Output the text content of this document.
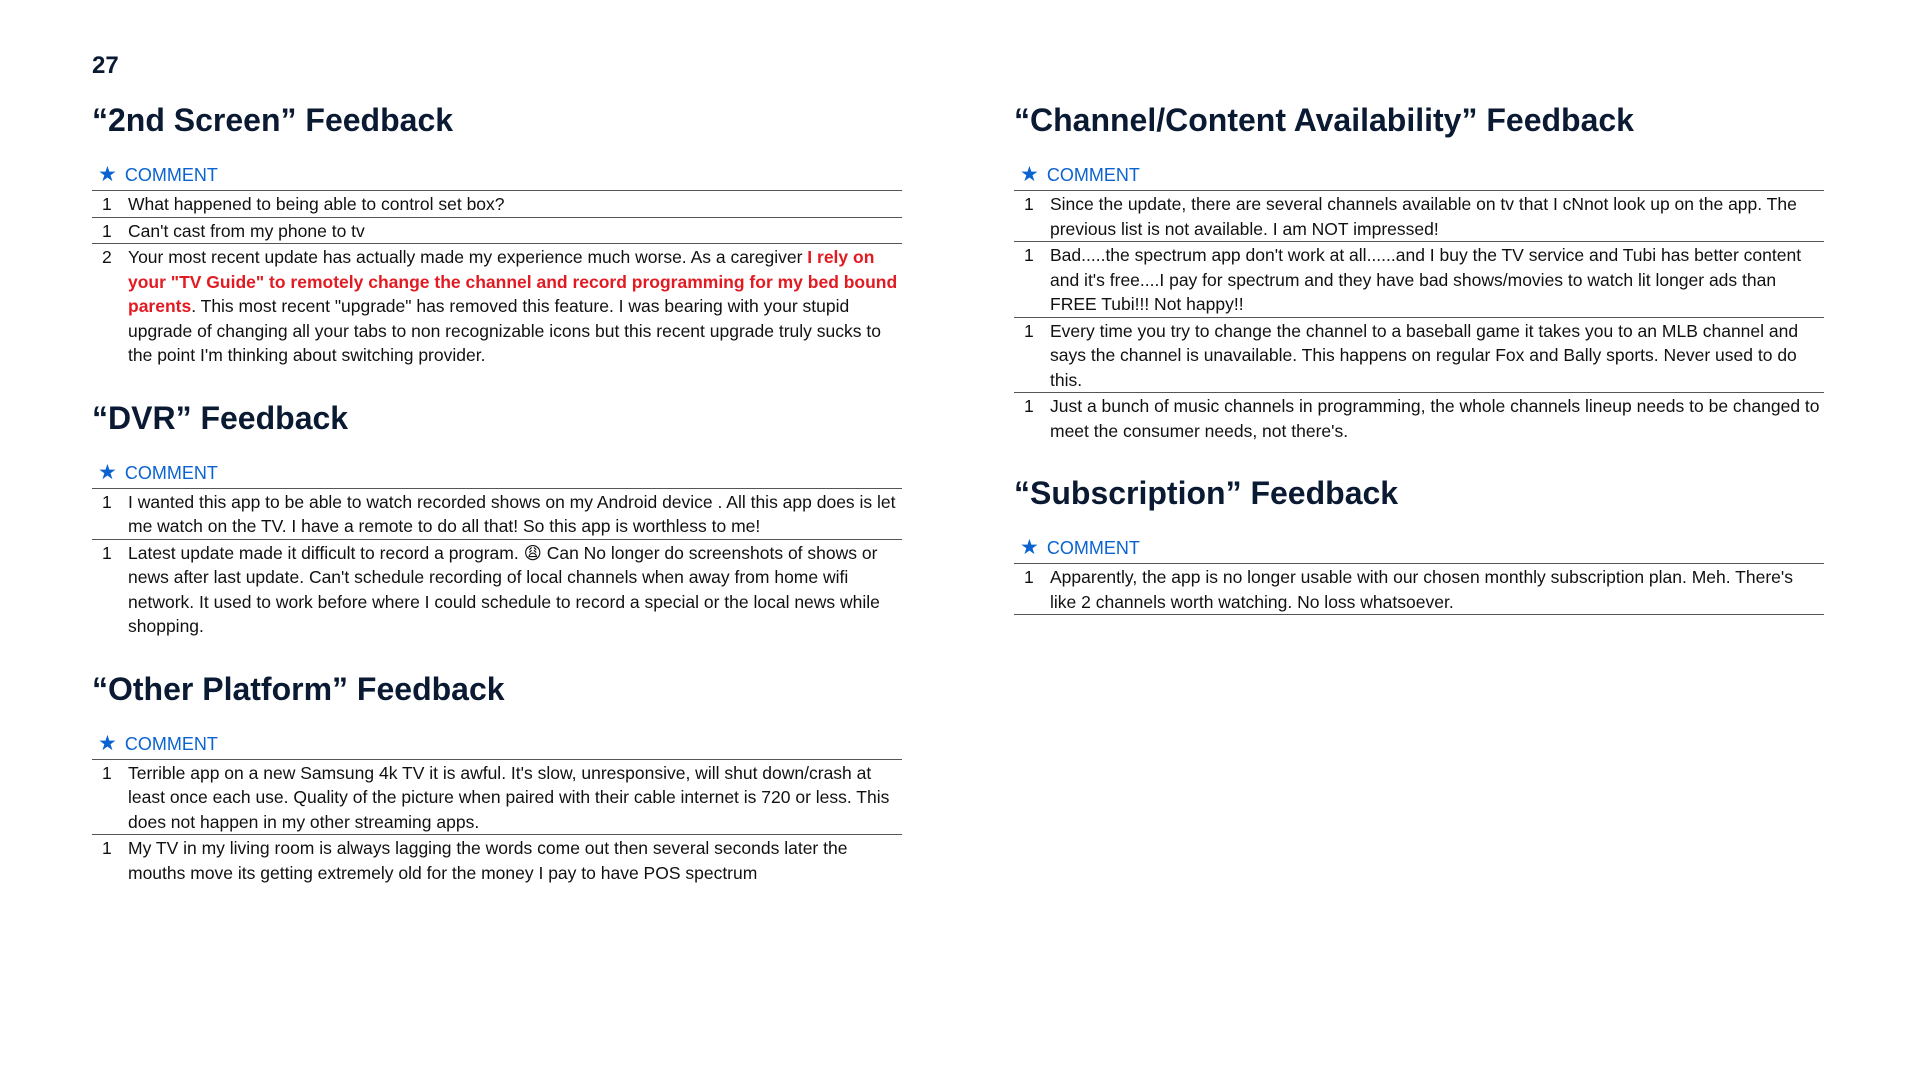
27
“2nd Screen” Feedback
★ COMMENT
1 What happened to being able to control set box?
1 Can't cast from my phone to tv
2 Your most recent update has actually made my experience much worse. As a caregiver I rely on your "TV Guide" to remotely change the channel and record programming for my bed bound parents. This most recent "upgrade" has removed this feature. I was bearing with your stupid upgrade of changing all your tabs to non recognizable icons but this recent upgrade truly sucks to the point I'm thinking about switching provider.
“DVR” Feedback
★ COMMENT
1 I wanted this app to be able to watch recorded shows on my Android device . All this app does is let me watch on the TV. I have a remote to do all that! So this app is worthless to me!
1 Latest update made it difficult to record a program. 😩 Can No longer do screenshots of shows or news after last update. Can't schedule recording of local channels when away from home wifi network. It used to work before where I could schedule to record a special or the local news while shopping.
“Other Platform” Feedback
★ COMMENT
1 Terrible app on a new Samsung 4k TV it is awful. It's slow, unresponsive, will shut down/crash at least once each use. Quality of the picture when paired with their cable internet is 720 or less. This does not happen in my other streaming apps.
1 My TV in my living room is always lagging the words come out then several seconds later the mouths move its getting extremely old for the money I pay to have POS spectrum
“Channel/Content Availability” Feedback
★ COMMENT
1 Since the update, there are several channels available on tv that I cNnot look up on the app. The previous list is not available. I am NOT impressed!
1 Bad.....the spectrum app don't work at all......and I buy the TV service and Tubi has better content and it's free....I pay for spectrum and they have bad shows/movies to watch lit longer ads than FREE Tubi!!! Not happy!!
1 Every time you try to change the channel to a baseball game it takes you to an MLB channel and says the channel is unavailable. This happens on regular Fox and Bally sports. Never used to do this.
1 Just a bunch of music channels in programming, the whole channels lineup needs to be changed to meet the consumer needs, not there's.
“Subscription” Feedback
★ COMMENT
1 Apparently, the app is no longer usable with our chosen monthly subscription plan. Meh. There's like 2 channels worth watching. No loss whatsoever.
